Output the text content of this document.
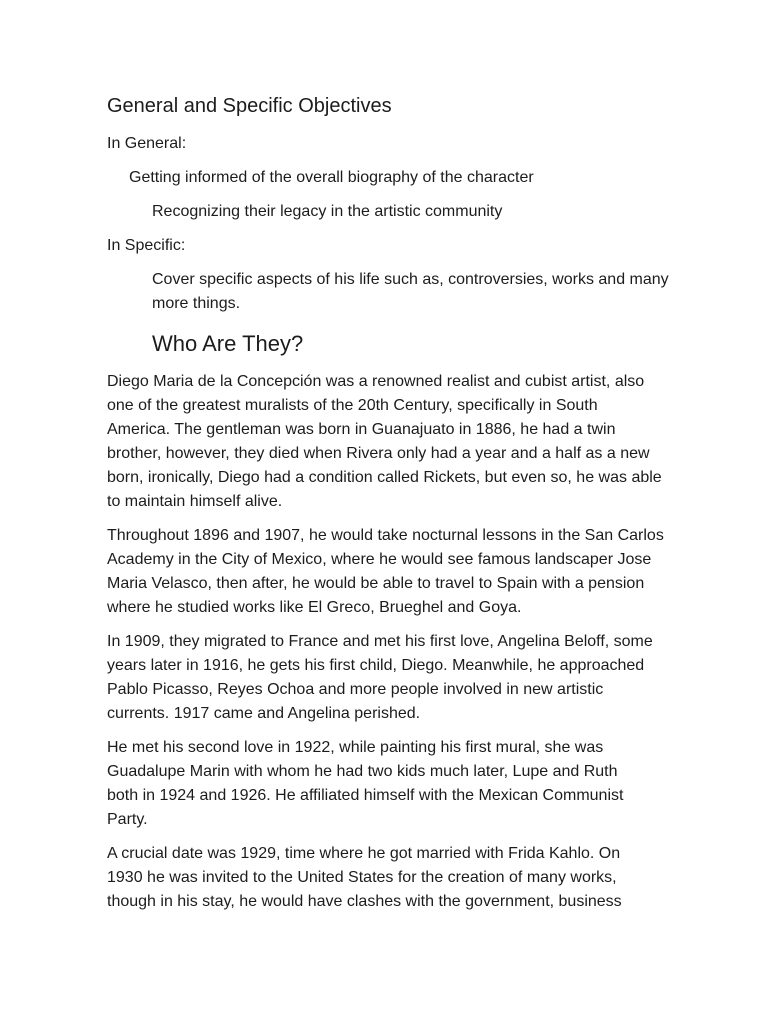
General and Specific Objectives
In General:
Getting informed of the overall biography of the character
Recognizing their legacy in the artistic community
In Specific:
Cover specific aspects of his life such as, controversies, works and many
more things.
Who Are They?
Diego Maria de la Concepción was a renowned realist and cubist artist, also
one of the greatest muralists of the 20th Century, specifically in South
America. The gentleman was born in Guanajuato in 1886, he had a twin
brother, however, they died when Rivera only had a year and a half as a new
born, ironically, Diego had a condition called Rickets, but even so, he was able
to maintain himself alive.
Throughout 1896 and 1907, he would take nocturnal lessons in the San Carlos
Academy in the City of Mexico, where he would see famous landscaper Jose
Maria Velasco, then after, he would be able to travel to Spain with a pension
where he studied works like El Greco, Brueghel and Goya.
In 1909, they migrated to France and met his first love, Angelina Beloff, some
years later in 1916, he gets his first child, Diego. Meanwhile, he approached
Pablo Picasso, Reyes Ochoa and more people involved in new artistic
currents. 1917 came and Angelina perished.
He met his second love in 1922, while painting his first mural, she was
Guadalupe Marin with whom he had two kids much later, Lupe and Ruth
both in 1924 and 1926. He affiliated himself with the Mexican Communist
Party.
A crucial date was 1929, time where he got married with Frida Kahlo. On
1930 he was invited to the United States for the creation of many works,
though in his stay, he would have clashes with the government, business
